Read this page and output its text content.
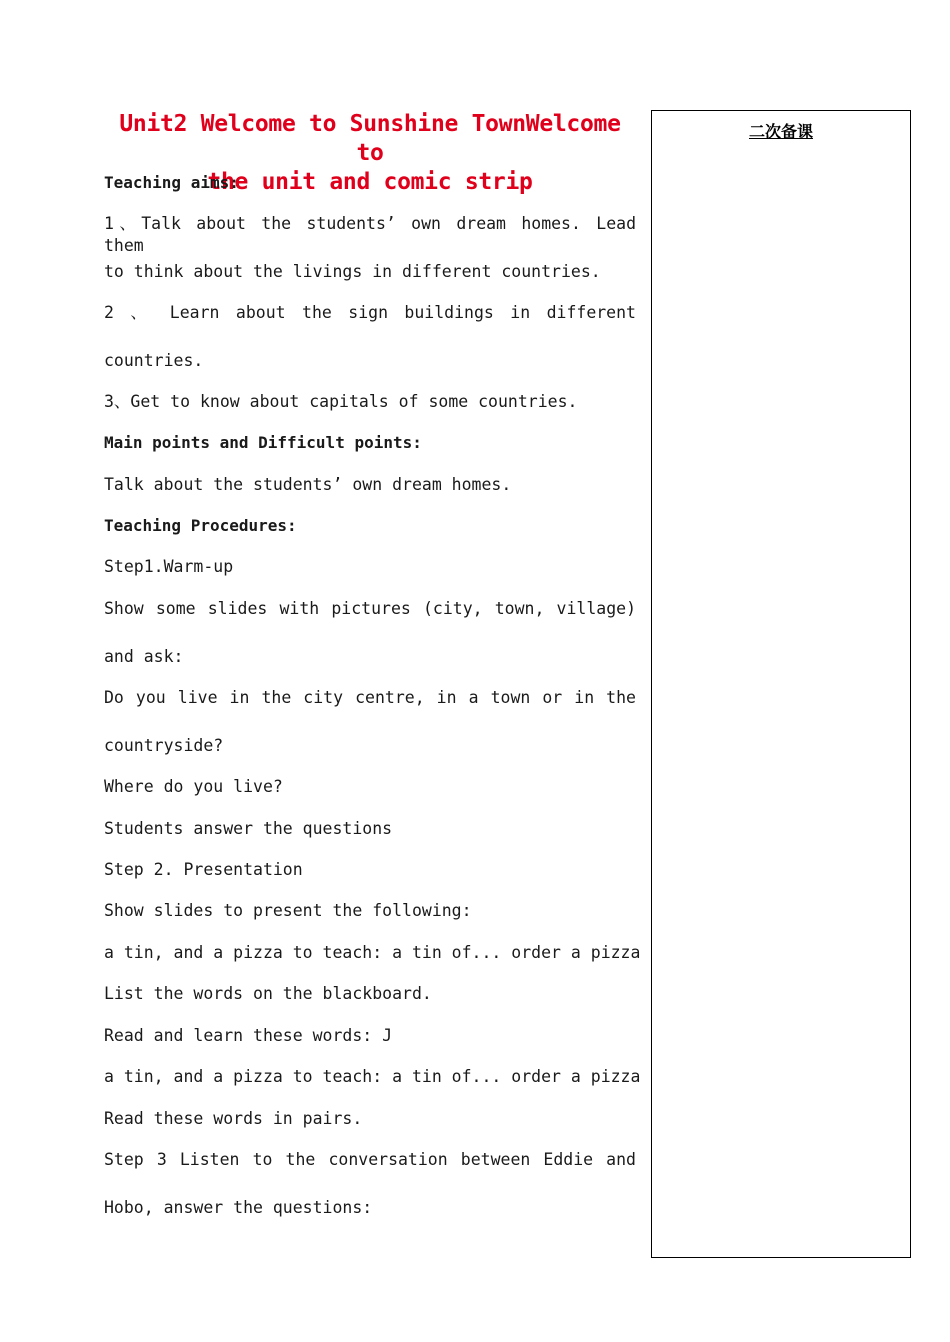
Unit2 Welcome to Sunshine TownWelcome to
the unit and comic strip
Teaching aims:
1、Talk about the students’ own dream homes. Lead them
to think about the livings in different countries.
2 、 Learn about the sign buildings in different
countries.
3、Get to know about capitals of some countries.
Main points and Difficult points:
Talk about the students’ own dream homes.
Teaching Procedures:
Step1.Warm-up
Show some slides with pictures (city, town, village)
and ask:
Do you live in the city centre, in a town or in the
countryside?
Where do you live?
Students answer the questions
Step 2. Presentation
Show slides to present the following:
a tin, and a pizza to teach: a tin of... order a pizza
List the words on the blackboard.
Read and learn these words: J
a tin, and a pizza to teach: a tin of... order a pizza
Read these words in pairs.
Step 3 Listen to the conversation between Eddie and
Hobo, answer the questions:
二次备课
